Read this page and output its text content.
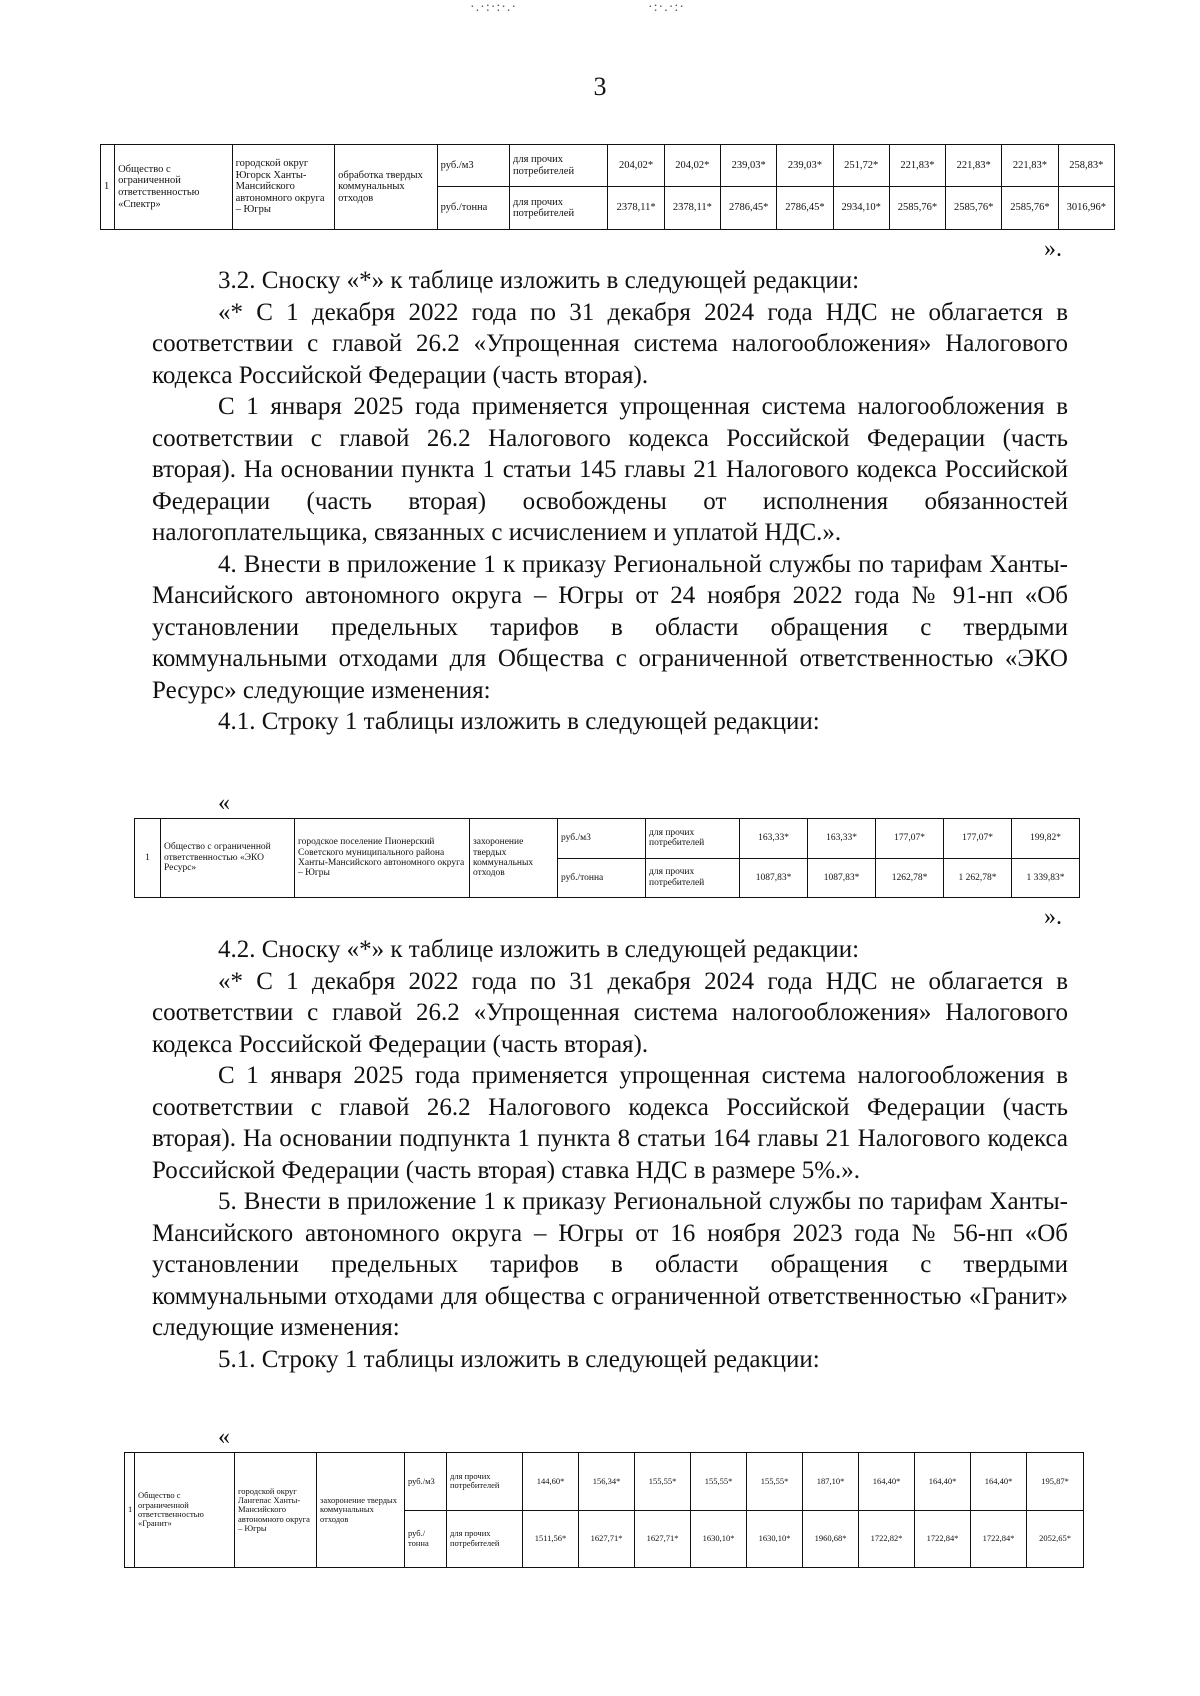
·.·:·:·.·	·:·.·:·
3
1	Общество с ограниченной ответственностью «Спектр»	городской округ Югорск Ханты-Мансийского автономного округа – Югры	обработка твердых коммунальных отходов	руб./м3	для прочих потребителей	204,02*	204,02*	239,03*	239,03*	251,72*	221,83*	221,83*	221,83*	258,83*
				руб./тонна	для прочих потребителей	2378,11*	2378,11*	2786,45*	2786,45*	2934,10*	2585,76*	2585,76*	2585,76*	3016,96*
».

3.2. Сноску «*» к таблице изложить в следующей редакции:

«* С 1 декабря 2022 года по 31 декабря 2024 года НДС не облагается в соответствии с главой 26.2 «Упрощенная система налогообложения» Налогового кодекса Российской Федерации (часть вторая).

С 1 января 2025 года применяется упрощенная система налогообложения в соответствии с главой 26.2 Налогового кодекса Российской Федерации (часть вторая). На основании пункта 1 статьи 145 главы 21 Налогового кодекса Российской Федерации (часть вторая) освобождены от исполнения обязанностей налогоплательщика, связанных с исчислением и уплатой НДС.».

4. Внести в приложение 1 к приказу Региональной службы по тарифам Ханты-Мансийского автономного округа – Югры от 24 ноября 2022 года № 91-нп «Об установлении предельных тарифов в области обращения с твердыми коммунальными отходами для Общества с ограниченной ответственностью «ЭКО Ресурс» следующие изменения:

4.1. Строку 1 таблицы изложить в следующей редакции:

«
1	Общество с ограниченной ответственностью «ЭКО Ресурс»	городское поселение Пионерский Советского муниципального района Ханты-Мансийского автономного округа – Югры	захоронение твердых коммунальных отходов	руб./м3	для прочих потребителей	163,33*	163,33*	177,07*	177,07*	199,82*
				руб./тонна	для прочих потребителей	1087,83*	1087,83*	1262,78*	1 262,78*	1 339,83*
».

4.2. Сноску «*» к таблице изложить в следующей редакции:

«* С 1 декабря 2022 года по 31 декабря 2024 года НДС не облагается в соответствии с главой 26.2 «Упрощенная система налогообложения» Налогового кодекса Российской Федерации (часть вторая).

С 1 января 2025 года применяется упрощенная система налогообложения в соответствии с главой 26.2 Налогового кодекса Российской Федерации (часть вторая). На основании подпункта 1 пункта 8 статьи 164 главы 21 Налогового кодекса Российской Федерации (часть вторая) ставка НДС в размере 5%.».

5. Внести в приложение 1 к приказу Региональной службы по тарифам Ханты-Мансийского автономного округа – Югры от 16 ноября 2023 года № 56-нп «Об установлении предельных тарифов в области обращения с твердыми коммунальными отходами для общества с ограниченной ответственностью «Гранит» следующие изменения:

5.1. Строку 1 таблицы изложить в следующей редакции:

«
1	Общество с ограниченной ответственностью «Гранит»	городской округ Лангепас Ханты-Мансийского автономного округа – Югры	захоронение твердых коммунальных отходов	руб./м3	для прочих потребителей	144,60*	156,34*	155,55*	155,55*	155,55*	187,10*	164,40*	164,40*	164,40*	195,87*
				руб./тонна	для прочих потребителей	1511,56*	1627,71*	1627,71*	1630,10*	1630,10*	1960,68*	1722,82*	1722,84*	1722,84*	2052,65*
